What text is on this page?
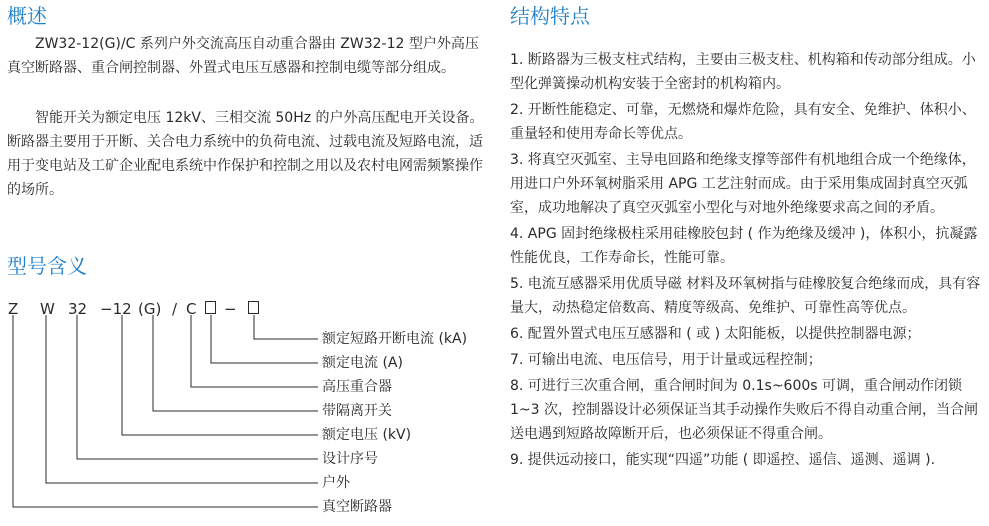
概述

ZW32-12(G)/C 系列户外交流高压自动重合器由 ZW32-12 型户外高压真空断路器、重合闸控制器、外置式电压互感器和控制电缆等部分组成。

智能开关为额定电压 12kV、三相交流 50Hz 的户外高压配电开关设备。断路器主要用于开断、关合电力系统中的负荷电流、过载电流及短路电流，适用于变电站及工矿企业配电系统中作保护和控制之用以及农村电网需频繁操作的场所。

型号含义
Z W 32 −12 (G) / C −
额定短路开断电流 (kA)
额定电流 (A)
高压重合器
带隔离开关
额定电压 (kV)
设计序号
户外
真空断路器
结构特点
1. 断路器为三极支柱式结构，主要由三极支柱、机构箱和传动部分组成。小型化弹簧操动机构安装于全密封的机构箱内。
2. 开断性能稳定、可靠，无燃烧和爆炸危险，具有安全、免维护、体积小、重量轻和使用寿命长等优点。
3. 将真空灭弧室、主导电回路和绝缘支撑等部件有机地组合成一个绝缘体，用进口户外环氧树脂采用 APG 工艺注射而成。由于采用集成固封真空灭弧室，成功地解决了真空灭弧室小型化与对地外绝缘要求高之间的矛盾。
4. APG 固封绝缘极柱采用硅橡胶包封 ( 作为绝缘及缓冲 )，体积小，抗凝露性能优良，工作寿命长，性能可靠。
5. 电流互感器采用优质导磁 材料及环氧树指与硅橡胶复合绝缘而成，具有容量大，动热稳定倍数高、精度等级高、免维护、可靠性高等优点。
6. 配置外置式电压互感器和 ( 或 ) 太阳能板，以提供控制器电源；
7. 可输出电流、电压信号，用于计量或远程控制；
8. 可进行三次重合闸，重合闸时间为 0.1s~600s 可调，重合闸动作闭锁 1~3 次，控制器设计必须保证当其手动操作失败后不得自动重合闸，当合闸送电遇到短路故障断开后，也必须保证不得重合闸。
9. 提供远动接口，能实现“四遥”功能 ( 即遥控、遥信、遥测、遥调 ).
